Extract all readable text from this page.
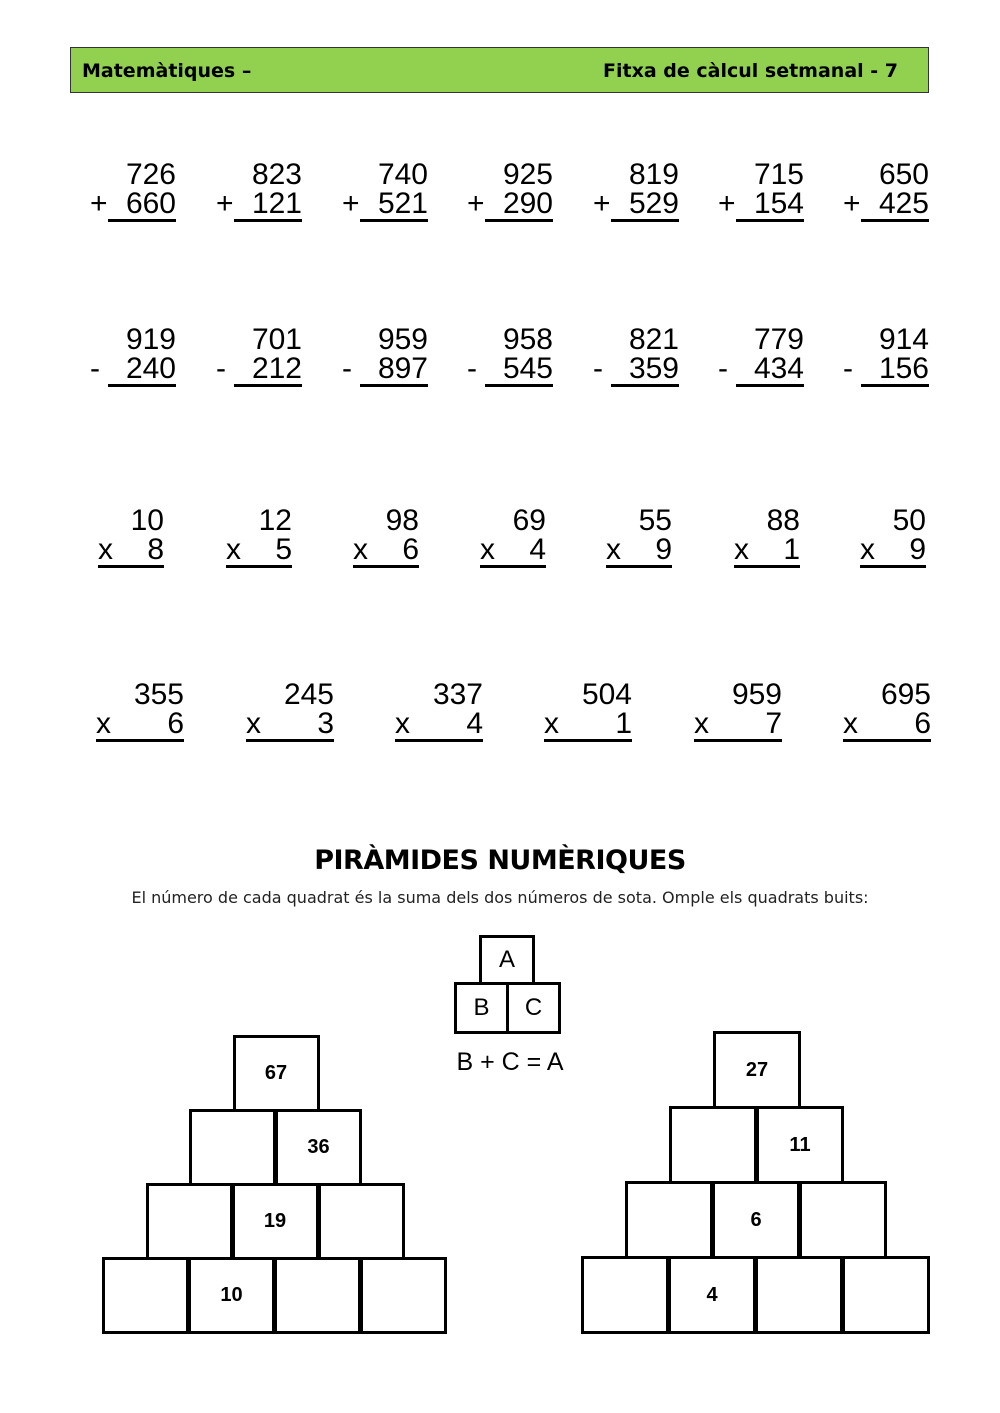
Matemàtiques –	Fitxa de càlcul setmanal - 7
726
+ 660
823
+ 121
740
+ 521
925
+ 290
819
+ 529
715
+ 154
650
+ 425
919
- 240
701
- 212
959
- 897
958
- 545
821
- 359
779
- 434
914
- 156
10
x 8
12
x 5
98
x 6
69
x 4
55
x 9
88
x 1
50
x 9
355
x 6
245
x 3
337
x 4
504
x 1
959
x 7
695
x 6
PIRÀMIDES NUMÈRIQUES
El número de cada quadrat és la suma dels dos números de sota. Omple els quadrats buits:
A
B	C
B + C = A
67
36
19
10
27
11
6
4
